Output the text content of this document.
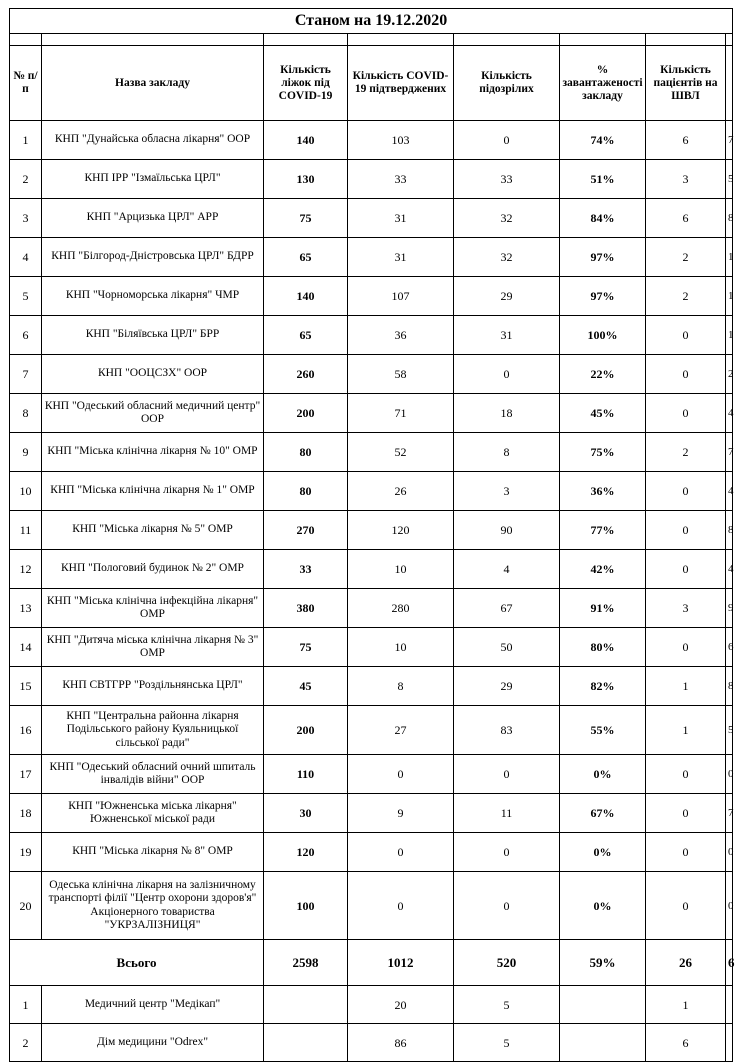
Станом на 19.12.2020							

№ п/п	Назва закладу	Кількість ліжок під COVID-19	Кількість COVID-19 підтверджених	Кількість підозрілих	% завантаженості закладу	Кількість пацієнтів на ШВЛ	
1	КНП "Дунайська обласна лікарня" ООР	140	103	0	74%	6	7
2	КНП ІРР "Ізмаїльська ЦРЛ"	130	33	33	51%	3	5
3	КНП "Арцизька ЦРЛ" АРР	75	31	32	84%	6	8
4	КНП "Білгород-Дністровська ЦРЛ" БДРР	65	31	32	97%	2	1
5	КНП "Чорноморська лікарня" ЧМР	140	107	29	97%	2	1
6	КНП "Біляївська ЦРЛ" БРР	65	36	31	100%	0	1
7	КНП "ООЦСЗХ" ООР	260	58	0	22%	0	2
8	КНП "Одеський обласний медичний центр" ООР	200	71	18	45%	0	4
9	КНП "Міська клінічна лікарня № 10" ОМР	80	52	8	75%	2	7
10	КНП "Міська клінічна лікарня № 1" ОМР	80	26	3	36%	0	4
11	КНП "Міська лікарня № 5" ОМР	270	120	90	77%	0	8
12	КНП "Пологовий будинок № 2" ОМР	33	10	4	42%	0	4
13	КНП "Міська клінічна інфекційна лікарня" ОМР	380	280	67	91%	3	9
14	КНП "Дитяча міська клінічна лікарня № 3" ОМР	75	10	50	80%	0	6
15	КНП СВТГРР "Роздільнянська ЦРЛ"	45	8	29	82%	1	8
16	КНП "Центральна районна лікарня Подільського району Куяльницької сільської ради"	200	27	83	55%	1	5
17	КНП "Одеський обласний очний шпиталь інвалідів війни" ООР	110	0	0	0%	0	0
18	КНП "Южненська міська лікарня" Южненської міської ради	30	9	11	67%	0	7
19	КНП "Міська лікарня № 8" ОМР	120	0	0	0%	0	0
20	Одеська клінічна лікарня на залізничному транспорті філії "Центр охорони здоров'я" Акціонерного товариства "УКРЗАЛІЗНИЦЯ"	100	0	0	0%	0	0
Всього		2598	1012	520	59%	26	6
1	Медичний центр "Медікап"		20	5		1	
2	Дім медицини "Odrex"		86	5		6	
